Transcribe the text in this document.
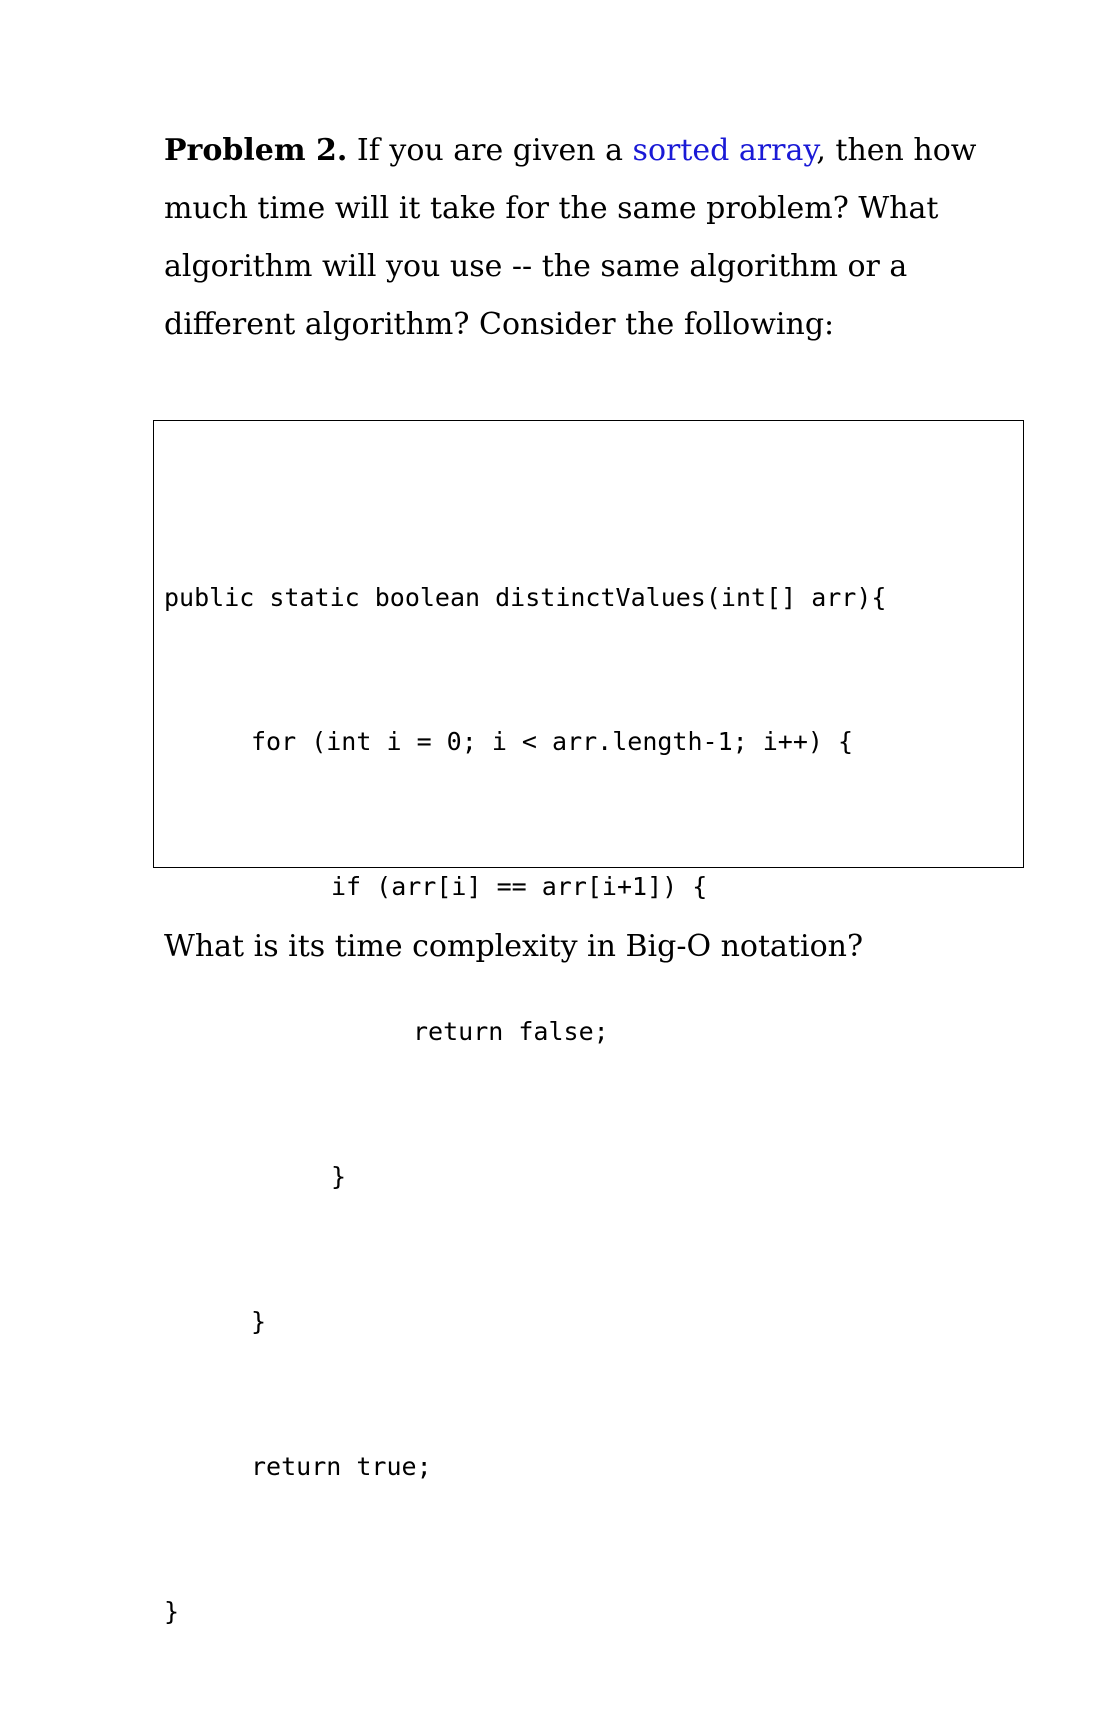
Problem 2. If you are given a sorted array, then how much time will it take for the same problem? What algorithm will you use -- the same algorithm or a different algorithm? Consider the following:

public static boolean distinctValues(int[] arr){

for (int i = 0; i < arr.length-1; i++) {

if (arr[i] == arr[i+1]) {

return false;

}

}

return true;

}

What is its time complexity in Big-O notation?
